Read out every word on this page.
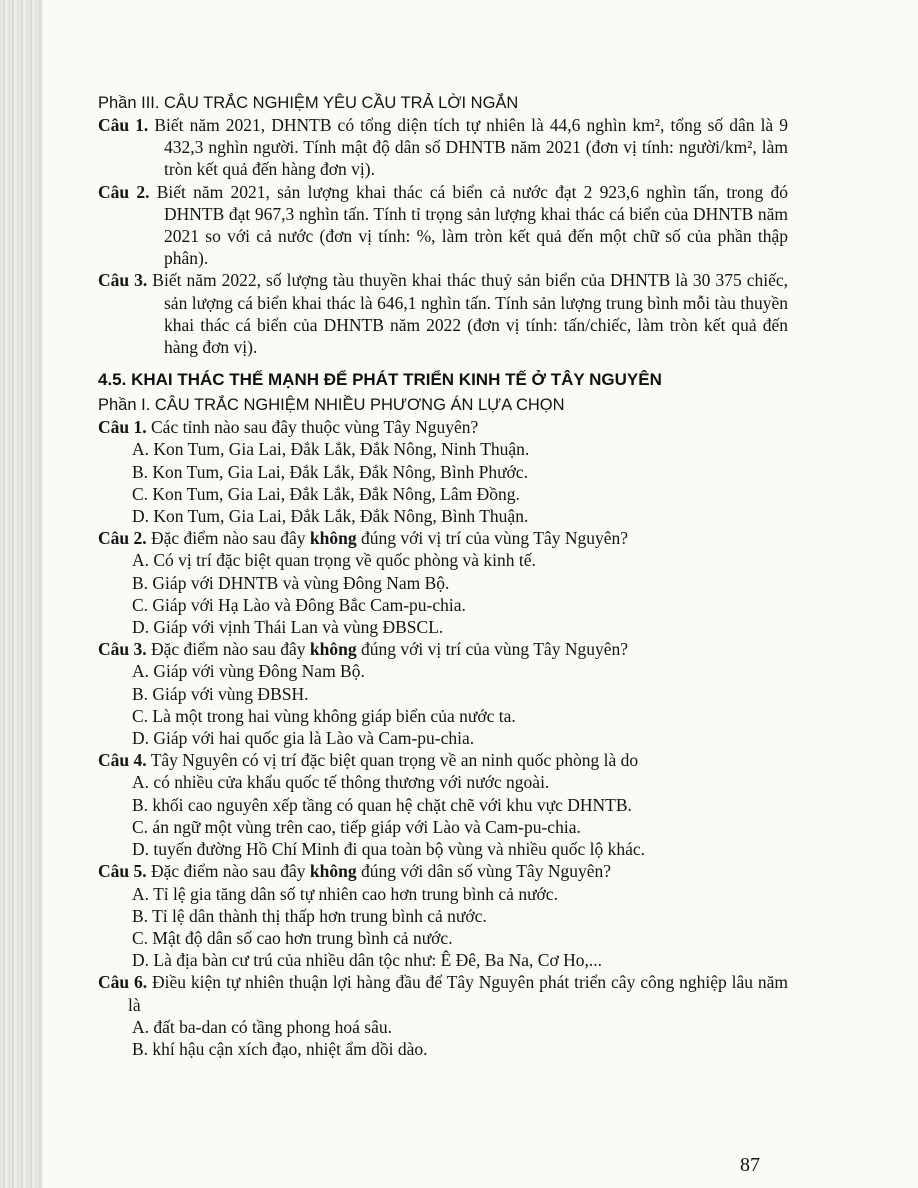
Phần III. CÂU TRẮC NGHIỆM YÊU CẦU TRẢ LỜI NGẮN

Câu 1. Biết năm 2021, DHNTB có tổng diện tích tự nhiên là 44,6 nghìn km², tổng số dân là 9 432,3 nghìn người. Tính mật độ dân số DHNTB năm 2021 (đơn vị tính: người/km², làm tròn kết quả đến hàng đơn vị).

Câu 2. Biết năm 2021, sản lượng khai thác cá biển cả nước đạt 2 923,6 nghìn tấn, trong đó DHNTB đạt 967,3 nghìn tấn. Tính tỉ trọng sản lượng khai thác cá biển của DHNTB năm 2021 so với cả nước (đơn vị tính: %, làm tròn kết quả đến một chữ số của phần thập phân).

Câu 3. Biết năm 2022, số lượng tàu thuyền khai thác thuỷ sản biển của DHNTB là 30 375 chiếc, sản lượng cá biển khai thác là 646,1 nghìn tấn. Tính sản lượng trung bình mỗi tàu thuyền khai thác cá biển của DHNTB năm 2022 (đơn vị tính: tấn/chiếc, làm tròn kết quả đến hàng đơn vị).

4.5. KHAI THÁC THẾ MẠNH ĐỂ PHÁT TRIỂN KINH TẾ Ở TÂY NGUYÊN

Phần I. CÂU TRẮC NGHIỆM NHIỀU PHƯƠNG ÁN LỰA CHỌN

Câu 1. Các tỉnh nào sau đây thuộc vùng Tây Nguyên?

A. Kon Tum, Gia Lai, Đắk Lắk, Đắk Nông, Ninh Thuận.

B. Kon Tum, Gia Lai, Đắk Lắk, Đắk Nông, Bình Phước.

C. Kon Tum, Gia Lai, Đắk Lắk, Đắk Nông, Lâm Đồng.

D. Kon Tum, Gia Lai, Đắk Lắk, Đắk Nông, Bình Thuận.

Câu 2. Đặc điểm nào sau đây không đúng với vị trí của vùng Tây Nguyên?

A. Có vị trí đặc biệt quan trọng về quốc phòng và kinh tế.

B. Giáp với DHNTB và vùng Đông Nam Bộ.

C. Giáp với Hạ Lào và Đông Bắc Cam-pu-chia.

D. Giáp với vịnh Thái Lan và vùng ĐBSCL.

Câu 3. Đặc điểm nào sau đây không đúng với vị trí của vùng Tây Nguyên?

A. Giáp với vùng Đông Nam Bộ.

B. Giáp với vùng ĐBSH.

C. Là một trong hai vùng không giáp biển của nước ta.

D. Giáp với hai quốc gia là Lào và Cam-pu-chia.

Câu 4. Tây Nguyên có vị trí đặc biệt quan trọng về an ninh quốc phòng là do

A. có nhiều cửa khẩu quốc tế thông thương với nước ngoài.

B. khối cao nguyên xếp tầng có quan hệ chặt chẽ với khu vực DHNTB.

C. án ngữ một vùng trên cao, tiếp giáp với Lào và Cam-pu-chia.

D. tuyến đường Hồ Chí Minh đi qua toàn bộ vùng và nhiều quốc lộ khác.

Câu 5. Đặc điểm nào sau đây không đúng với dân số vùng Tây Nguyên?

A. Tỉ lệ gia tăng dân số tự nhiên cao hơn trung bình cả nước.

B. Tỉ lệ dân thành thị thấp hơn trung bình cả nước.

C. Mật độ dân số cao hơn trung bình cả nước.

D. Là địa bàn cư trú của nhiều dân tộc như: Ê Đê, Ba Na, Cơ Ho,...

Câu 6. Điều kiện tự nhiên thuận lợi hàng đầu để Tây Nguyên phát triển cây công nghiệp lâu năm là

A. đất ba-dan có tầng phong hoá sâu.

B. khí hậu cận xích đạo, nhiệt ẩm dồi dào.

87
